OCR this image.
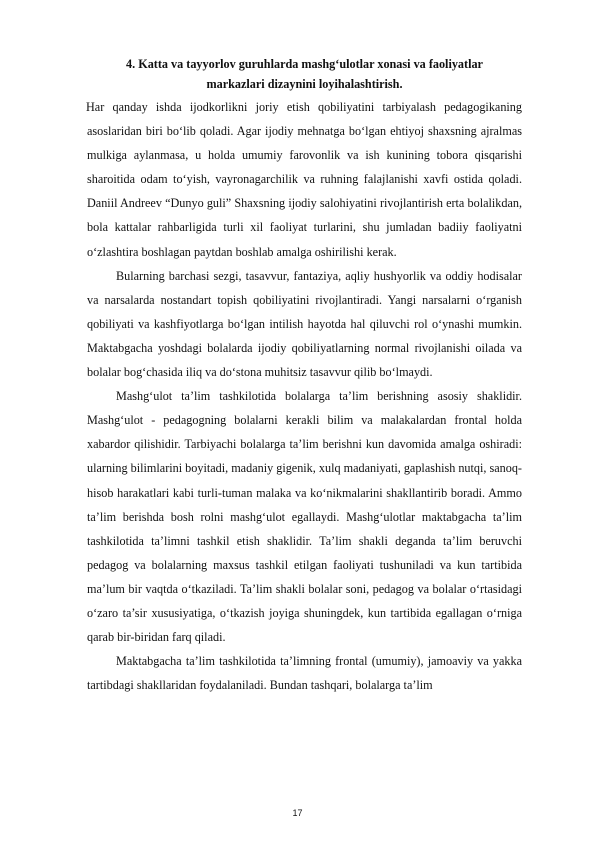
4. Katta va tayyorlov guruhlarda mashg‘ulotlar xonasi va faoliyatlar
markazlari dizaynini loyihalashtirish.

Har qanday ishda ijodkorlikni joriy etish qobiliyatini tarbiyalash pedagogikaning asoslaridan biri bo‘lib qoladi. Agar ijodiy mehnatga bo‘lgan ehtiyoj shaxsning ajralmas mulkiga aylanmasa, u holda umumiy farovonlik va ish kunining tobora qisqarishi sharoitida odam to‘yish, vayronagarchilik va ruhning falajlanishi xavfi ostida qoladi. Daniil Andreev “Dunyo guli” Shaxsning ijodiy salohiyatini rivojlantirish erta bolalikdan, bola kattalar rahbarligida turli xil faoliyat turlarini, shu jumladan badiiy faoliyatni o‘zlashtira boshlagan paytdan boshlab amalga oshirilishi kerak.

Bularning barchasi sezgi, tasavvur, fantaziya, aqliy hushyorlik va oddiy hodisalar va narsalarda nostandart topish qobiliyatini rivojlantiradi. Yangi narsalarni o‘rganish qobiliyati va kashfiyotlarga bo‘lgan intilish hayotda hal qiluvchi rol o‘ynashi mumkin. Maktabgacha yoshdagi bolalarda ijodiy qobiliyatlarning normal rivojlanishi oilada va bolalar bog‘chasida iliq va do‘stona muhitsiz tasavvur qilib bo‘lmaydi.

Mashg‘ulot ta’lim tashkilotida bolalarga ta’lim berishning asosiy shaklidir. Mashg‘ulot - pedagogning bolalarni kerakli bilim va malakalardan frontal holda xabardor qilishidir. Tarbiyachi bolalarga ta’lim berishni kun davomida amalga oshiradi: ularning bilimlarini boyitadi, madaniy gigenik, xulq madaniyati, gaplashish nutqi, sanoq-hisob harakatlari kabi turli-tuman malaka va ko‘nikmalarini shakllantirib boradi. Ammo ta’lim berishda bosh rolni mashg‘ulot egallaydi. Mashg‘ulotlar maktabgacha ta’lim tashkilotida ta’limni tashkil etish shaklidir. Ta’lim shakli deganda ta’lim beruvchi pedagog va bolalarning maxsus tashkil etilgan faoliyati tushuniladi va kun tartibida ma’lum bir vaqtda o‘tkaziladi. Ta’lim shakli bolalar soni, pedagog va bolalar o‘rtasidagi o‘zaro ta’sir xususiyatiga, o‘tkazish joyiga shuningdek, kun tartibida egallagan o‘rniga qarab bir-biridan farq qiladi.

Maktabgacha ta’lim tashkilotida ta’limning frontal (umumiy), jamoaviy va yakka tartibdagi shakllaridan foydalaniladi. Bundan tashqari, bolalarga ta’lim

17
